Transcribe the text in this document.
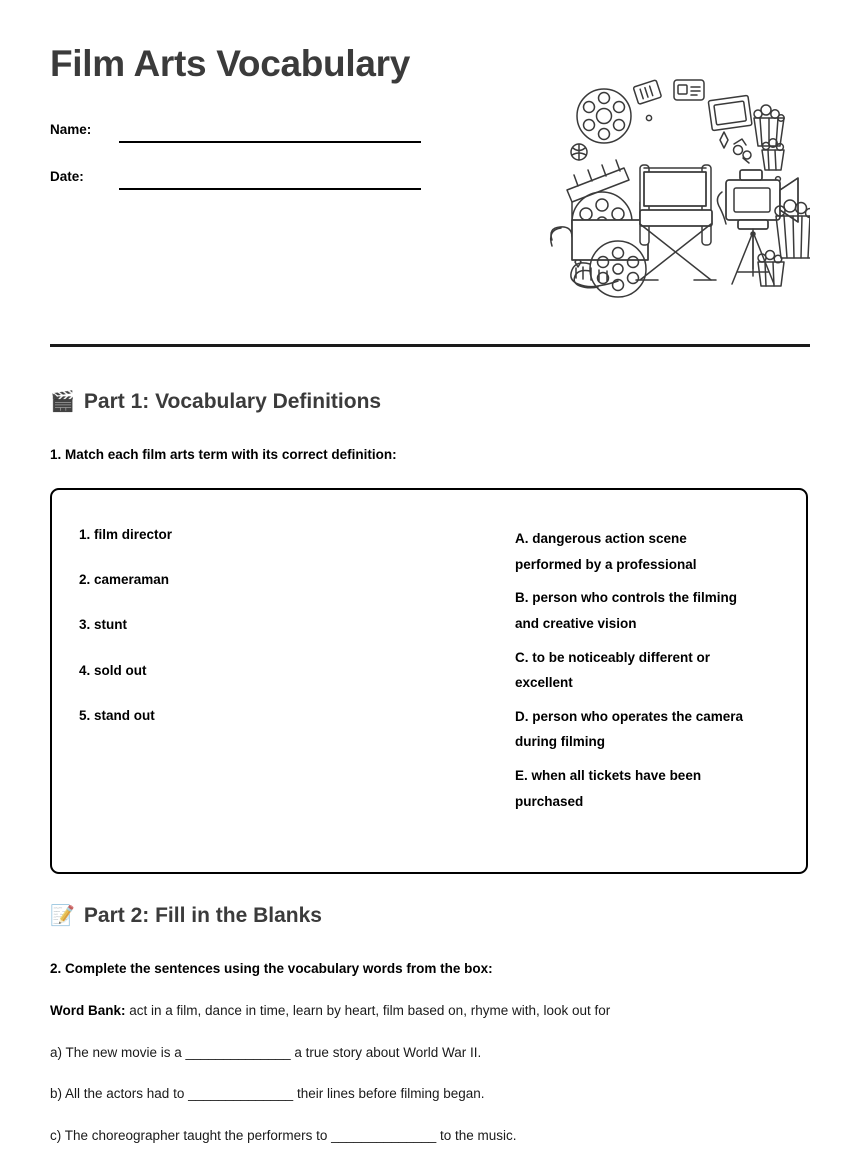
Film Arts Vocabulary
Name:
Date:
🎬 Part 1: Vocabulary Definitions
1. Match each film arts term with its correct definition:
1. film director
2. cameraman
3. stunt
4. sold out
5. stand out
A. dangerous action scene performed by a professional
B. person who controls the filming and creative vision
C. to be noticeably different or excellent
D. person who operates the camera during filming
E. when all tickets have been purchased
📝 Part 2: Fill in the Blanks
2. Complete the sentences using the vocabulary words from the box:
Word Bank: act in a film, dance in time, learn by heart, film based on, rhyme with, look out for
a) The new movie is a ______________ a true story about World War II.
b) All the actors had to ______________ their lines before filming began.
c) The choreographer taught the performers to ______________ to the music.
